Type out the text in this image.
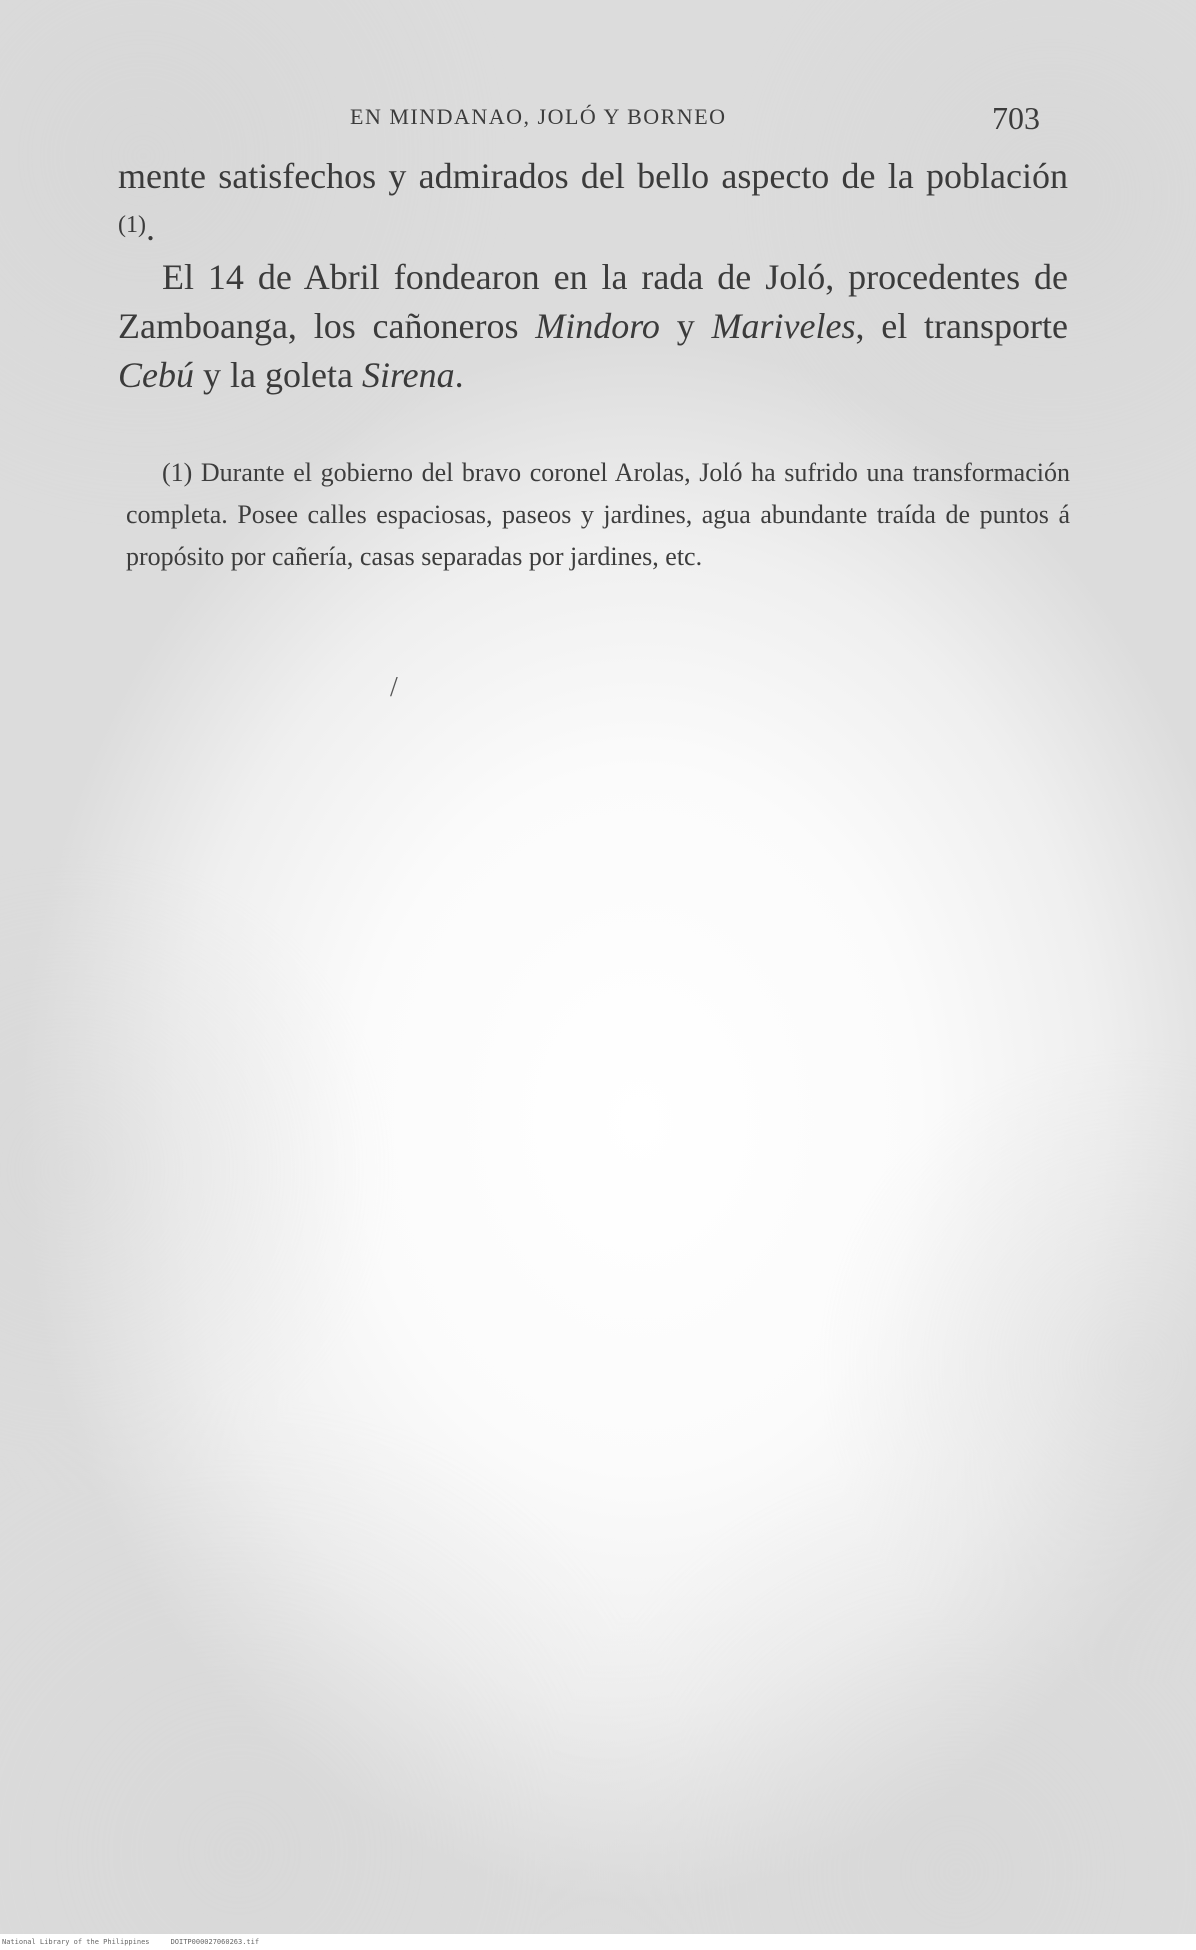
EN MINDANAO, JOLÓ Y BORNEO	703

mente satisfechos y admirados del bello aspecto de la población $^{(1)}$.

El 14 de Abril fondearon en la rada de Joló, procedentes de Zamboanga, los cañoneros Mindoro y Mariveles, el transporte Cebú y la goleta Sirena.

(1) Durante el gobierno del bravo coronel Arolas, Joló ha sufrido una transformación completa. Posee calles espaciosas, paseos y jardines, agua abundante traída de puntos á propósito por cañería, casas separadas por jardines, etc.

/
National Library of the Philippines     DOITP000027060263.tif
